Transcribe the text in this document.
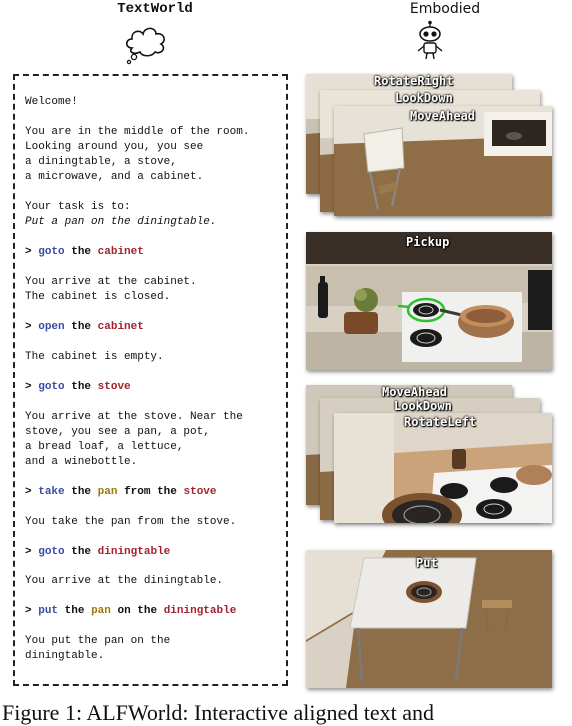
TextWorld	Embodied
Welcome!
You are in the middle of the room.
Looking around you, you see
a diningtable, a stove,
a microwave, and a cabinet.
Your task is to:
Put a pan on the diningtable.
> goto the cabinet
You arrive at the cabinet.
The cabinet is closed.
> open the cabinet
The cabinet is empty.
> goto the stove
You arrive at the stove. Near the
stove, you see a pan, a pot,
a bread loaf, a lettuce,
and a winebottle.
> take the pan from the stove
You take the pan from the stove.
> goto the diningtable
You arrive at the diningtable.
> put the pan on the diningtable
You put the pan on the
diningtable.
RotateRight
LookDown
MoveAhead
Pickup
MoveAhead
LookDown
RotateLeft
Put
Figure 1: ALFWorld: Interactive aligned text and
